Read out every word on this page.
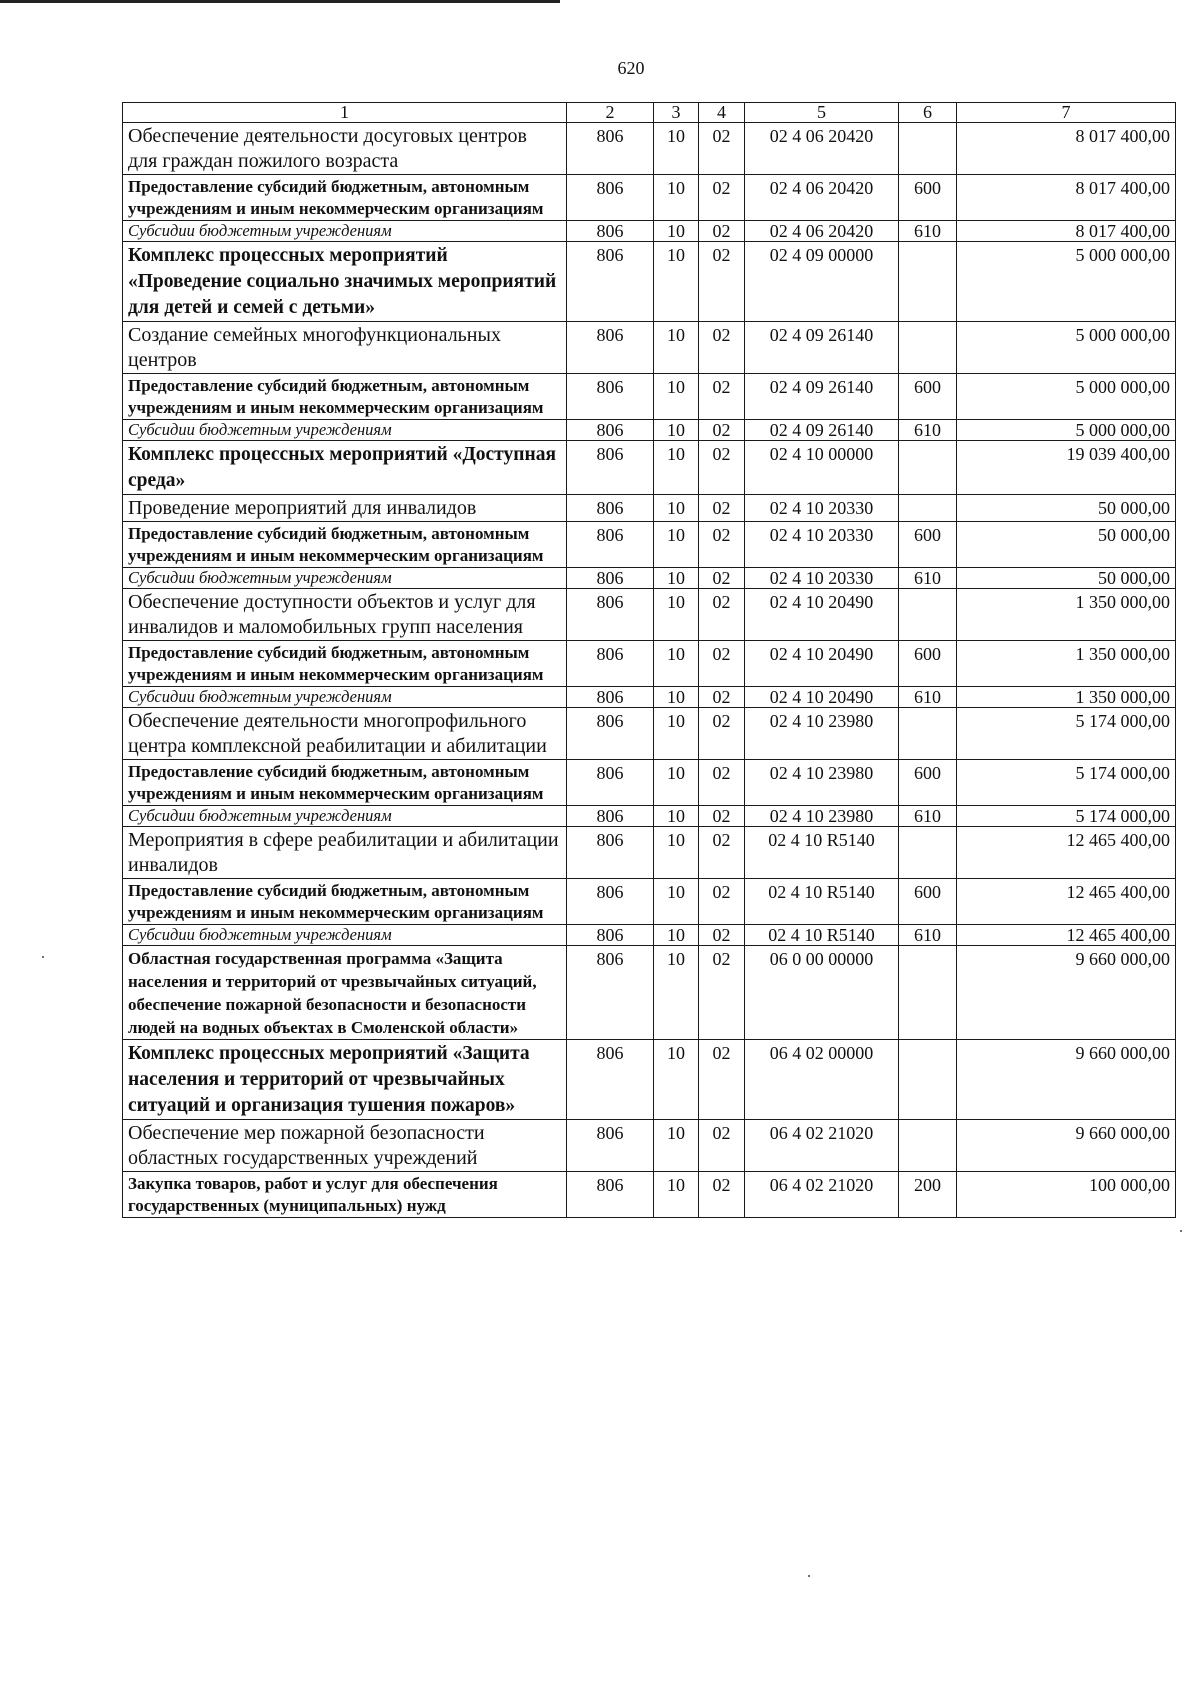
620
1	2	3	4	5	6	7
Обеспечение деятельности досуговых центров для граждан пожилого возраста	806	10	02	02 4 06 20420		8 017 400,00
Предоставление субсидий бюджетным, автономным учреждениям и иным некоммерческим организациям	806	10	02	02 4 06 20420	600	8 017 400,00
Субсидии бюджетным учреждениям	806	10	02	02 4 06 20420	610	8 017 400,00
Комплекс процессных мероприятий «Проведение социально значимых мероприятий для детей и семей с детьми»	806	10	02	02 4 09 00000		5 000 000,00
Создание семейных многофункциональных центров	806	10	02	02 4 09 26140		5 000 000,00
Предоставление субсидий бюджетным, автономным учреждениям и иным некоммерческим организациям	806	10	02	02 4 09 26140	600	5 000 000,00
Субсидии бюджетным учреждениям	806	10	02	02 4 09 26140	610	5 000 000,00
Комплекс процессных мероприятий «Доступная среда»	806	10	02	02 4 10 00000		19 039 400,00
Проведение мероприятий для инвалидов	806	10	02	02 4 10 20330		50 000,00
Предоставление субсидий бюджетным, автономным учреждениям и иным некоммерческим организациям	806	10	02	02 4 10 20330	600	50 000,00
Субсидии бюджетным учреждениям	806	10	02	02 4 10 20330	610	50 000,00
Обеспечение доступности объектов и услуг для инвалидов и маломобильных групп населения	806	10	02	02 4 10 20490		1 350 000,00
Предоставление субсидий бюджетным, автономным учреждениям и иным некоммерческим организациям	806	10	02	02 4 10 20490	600	1 350 000,00
Субсидии бюджетным учреждениям	806	10	02	02 4 10 20490	610	1 350 000,00
Обеспечение деятельности многопрофильного центра комплексной реабилитации и абилитации	806	10	02	02 4 10 23980		5 174 000,00
Предоставление субсидий бюджетным, автономным учреждениям и иным некоммерческим организациям	806	10	02	02 4 10 23980	600	5 174 000,00
Субсидии бюджетным учреждениям	806	10	02	02 4 10 23980	610	5 174 000,00
Мероприятия в сфере реабилитации и абилитации инвалидов	806	10	02	02 4 10 R5140		12 465 400,00
Предоставление субсидий бюджетным, автономным учреждениям и иным некоммерческим организациям	806	10	02	02 4 10 R5140	600	12 465 400,00
Субсидии бюджетным учреждениям	806	10	02	02 4 10 R5140	610	12 465 400,00
Областная государственная программа «Защита населения и территорий от чрезвычайных ситуаций, обеспечение пожарной безопасности и безопасности людей на водных объектах в Смоленской области»	806	10	02	06 0 00 00000		9 660 000,00
Комплекс процессных мероприятий «Защита населения и территорий от чрезвычайных ситуаций и организация тушения пожаров»	806	10	02	06 4 02 00000		9 660 000,00
Обеспечение мер пожарной безопасности областных государственных учреждений	806	10	02	06 4 02 21020		9 660 000,00
Закупка товаров, работ и услуг для обеспечения государственных (муниципальных) нужд	806	10	02	06 4 02 21020	200	100 000,00
